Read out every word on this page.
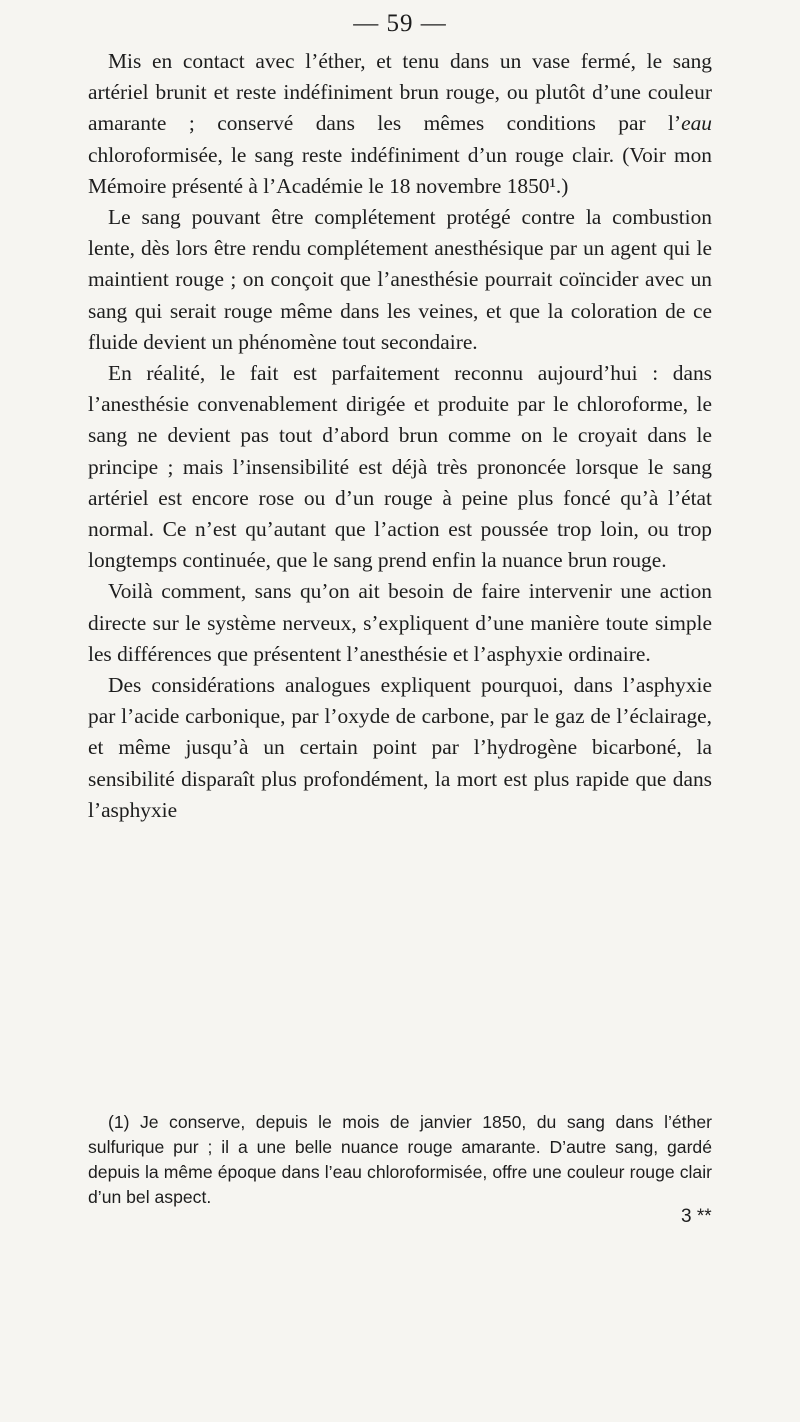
— 59 —

Mis en contact avec l’éther, et tenu dans un vase fermé, le sang artériel brunit et reste indéfiniment brun rouge, ou plutôt d’une couleur amarante ; conservé dans les mêmes conditions par l’eau chloroformisée, le sang reste indéfiniment d’un rouge clair. (Voir mon Mémoire présenté à l’Académie le 18 novembre 1850¹.)

Le sang pouvant être complétement protégé contre la combustion lente, dès lors être rendu complétement anesthésique par un agent qui le maintient rouge ; on conçoit que l’anesthésie pourrait coïncider avec un sang qui serait rouge même dans les veines, et que la coloration de ce fluide devient un phénomène tout secondaire.

En réalité, le fait est parfaitement reconnu aujourd’hui : dans l’anesthésie convenablement dirigée et produite par le chloroforme, le sang ne devient pas tout d’abord brun comme on le croyait dans le principe ; mais l’insensibilité est déjà très prononcée lorsque le sang artériel est encore rose ou d’un rouge à peine plus foncé qu’à l’état normal. Ce n’est qu’autant que l’action est poussée trop loin, ou trop longtemps continuée, que le sang prend enfin la nuance brun rouge.

Voilà comment, sans qu’on ait besoin de faire intervenir une action directe sur le système nerveux, s’expliquent d’une manière toute simple les différences que présentent l’anesthésie et l’asphyxie ordinaire.

Des considérations analogues expliquent pourquoi, dans l’asphyxie par l’acide carbonique, par l’oxyde de carbone, par le gaz de l’éclairage, et même jusqu’à un certain point par l’hydrogène bicarboné, la sensibilité disparaît plus profondément, la mort est plus rapide que dans l’asphyxie

(1) Je conserve, depuis le mois de janvier 1850, du sang dans l’éther sulfurique pur ; il a une belle nuance rouge amarante. D’autre sang, gardé depuis la même époque dans l’eau chloroformisée, offre une couleur rouge clair d’un bel aspect.

3 **
